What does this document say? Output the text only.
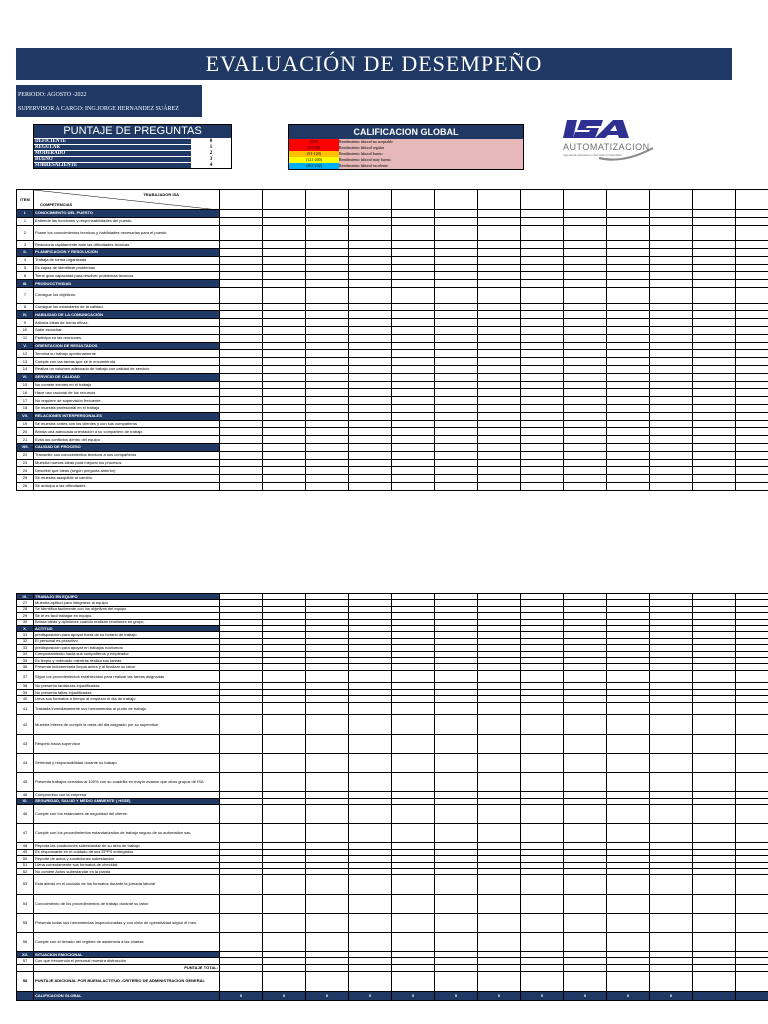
EVALUACIÓN DE DESEMPEÑO
PERIODO: AGOSTO -2022
SUPERVISOR A CARGO: ING.JORGE HERNANDEZ SUÁREZ
PUNTAJE DE PREGUNTAS
DEFICIENTE	0
REGULAR	1
MODERADO	2
BUENO	3
SOBRESALIENTE	4
CALIFICACION GLOBAL
(0-0)	Rendimiento laboral no aceptable
(01-60)	Rendimiento laboral regular
(91-120)	Rendimiento laboral bueno
(121-200)	Rendimiento laboral muy bueno
(201-232)	Rendimiento laboral excelente
AUTOMATIZACION
Ingeniería Aplicada en Servicios Industriales
ITEM	TRABAJADOR ISA
COMPETENCIAS													

I.	CONOCIMIENTO DEL PUESTO													
1	Entiende las funciones y responsabilidades del puesto.													
2	Posee los conocimientos tecnicos y habilidades necesarias para el puesto.													
3	Reacciona rapidamente ante las dificultades tecnicas													
II.	PLANIFICACION Y RESOLUCIÓN													
4	Trabaja de forma organizada													
5	Es capaz de identificar problemas													
6	Tiene gran capacidad para resolver problemas tecnicos													
III.	PRODUCCTIVIDAD													
7	Consigue los objetivos.													
8	Consigue los estandares de la calidad.													
IV.	HABILIDAD DE LA COMUNICACIÓN													
9	Articula ideas de forma eficaz.													
10	Sabe escuchar.													
11	Participa en las reuniones.													
V.	ORIENTACION DE RESULTADOS													
12	Termina su trabajo oportunamente													
13	Cumple con las tareas que se le encomienda													
14	Realiza un volumen adecuado de trabajo con calidad de servicio													
VI.	SERVICIO DE CALIDAD													
15	No comete errores en el trabajo													
16	Hace uso racional de los recursos													
17	No requiere de supervisión frecuente.													
18	Se muestra profesional en el trabajo													
VII.	RELACIONES INTERPERSONALES													
19	Se muestra cortes con los clientes y con sus compañeros													
20	Brinda una adecuada orientación a su compañero de trabajo													
21	Evita los conflictos dentro del equipo													
VIII.	CALIDAD DE PROCESO													
22	Transmite sus conocimientos tecnicos a sus compañeros													
23	Muestra nuevas ideas para mejorar los procesos													
24	Describir que ideas (según pregunta anterior)													
25	Se muestra asequible al cambio													
26	Se anticipa a las dificultades													
IX.	TRABAJO EN EQUIPO													
27	Muestra aptitud para integrarse al equipo													
28	Se identifica fácilmente con los objetivos del equipo													
29	Se le es facil trabajar en equipo.													
30	Brinda ideas y opiniones cuando realizan reuniones en grupo.													
X.	ACTITUD													
31	predisposición para apoyar fuera de su horario de trabajo													
32	El personal es proactivo													
33	predisposición para apoyar en trabajos nocturnos													
34	Comportamiento hacia sus compañeros y empleador													
35	Es limpio y ordenado mientras realiza sus tareas													
36	Presenta indumentaria limpia antes y al finalizar su labor													
37	Sigue los procedimientos establecidos para realizar las tareas asignadas													
38	No presenta tardanzas injustificadas													
39	No presenta faltas injustificadas													
40	Lleva sus formatos a tiempo al empezar el dia de trabajo													
41	Traslada inmediatamente sus herramientas al punto de trabajo													
42	Muestra interes de cumplir la meta del dia asignado por su supervisor													
43	Respeto hacia supervisor													
44	Seriedad y responsabilidad durante su trabajo													
45	Presenta trabajos cerrados al 100% con su cuadrilla en mayor avance que otros grupos de ISA													
46	Compromiso con la empresa													
XI.	SEGURIDAD, SALUD Y MEDIO AMBIENTE ( HSSE)													
46	Cumple con los estándares de seguridad del cliente.													
47	Cumple con los procedimientos estandarizados de trabajo seguro de su automation sac.													
48	Reporta las condiciones subestandar de su área de trabajo													
49	Es responsable en el cuidado de sus EPPS entregados													
50	Reporte de actos y condiciones subestandar													
51	Llena correctamente sus formatos de checklist.													
52	No comete Actos subestandar en la planta													
53	Esta atento en el cuidado de los formatos durante la jornada laboral													
54	Conocimiento de los procedimientos de trabajo durante su labor													
55	Presenta todas sus herramientas inspeccionadas y con cinta de operatividad según el mes.													
56	Cumple con el llenado del registro de asistencia a las charlas													
XII.	SITUACION EMOCIONAL													
57	Con que frecuencia el personal muestra distracción													
	PUNTAJE TOTAL:													
58	PUNTAJE ADICIONAL POR BUENA ACTITUD -CRITERIO DE ADMINISTRACION GENERAL													
	CALIFICACION GLOBAL	0	0	0	0	0	0	0	0	0	0	0		
